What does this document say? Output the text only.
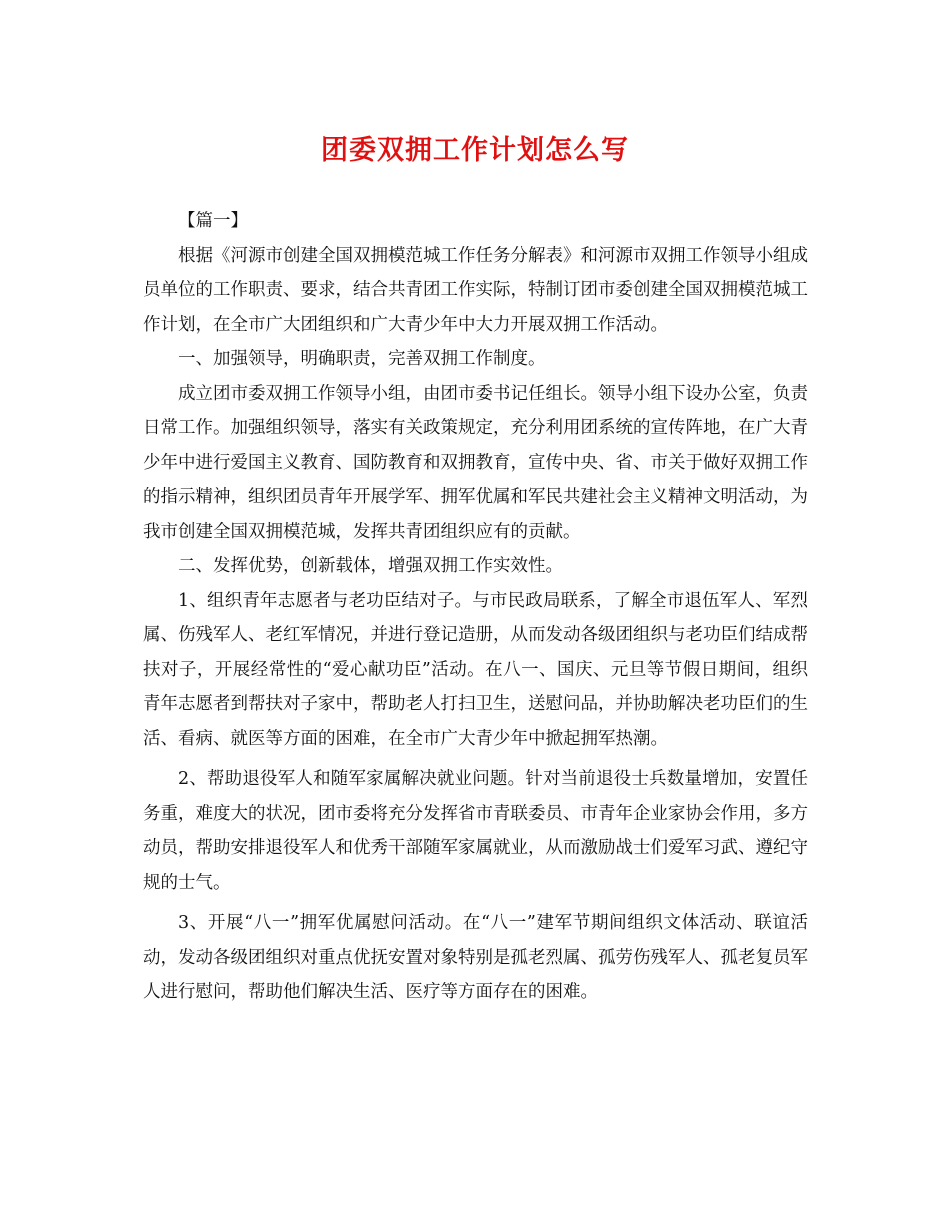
团委双拥工作计划怎么写

【篇一】

根据《河源市创建全国双拥模范城工作任务分解表》和河源市双拥工作领导小组成员单位的工作职责、要求，结合共青团工作实际，特制订团市委创建全国双拥模范城工作计划，在全市广大团组织和广大青少年中大力开展双拥工作活动。

一、加强领导，明确职责，完善双拥工作制度。

成立团市委双拥工作领导小组，由团市委书记任组长。领导小组下设办公室，负责日常工作。加强组织领导，落实有关政策规定，充分利用团系统的宣传阵地，在广大青少年中进行爱国主义教育、国防教育和双拥教育，宣传中央、省、市关于做好双拥工作的指示精神，组织团员青年开展学军、拥军优属和军民共建社会主义精神文明活动，为我市创建全国双拥模范城，发挥共青团组织应有的贡献。

二、发挥优势，创新载体，增强双拥工作实效性。

1、组织青年志愿者与老功臣结对子。与市民政局联系，了解全市退伍军人、军烈属、伤残军人、老红军情况，并进行登记造册，从而发动各级团组织与老功臣们结成帮扶对子，开展经常性的“爱心献功臣”活动。在八一、国庆、元旦等节假日期间，组织青年志愿者到帮扶对子家中，帮助老人打扫卫生，送慰问品，并协助解决老功臣们的生活、看病、就医等方面的困难，在全市广大青少年中掀起拥军热潮。

2、帮助退役军人和随军家属解决就业问题。针对当前退役士兵数量增加，安置任务重，难度大的状况，团市委将充分发挥省市青联委员、市青年企业家协会作用，多方动员，帮助安排退役军人和优秀干部随军家属就业，从而激励战士们爱军习武、遵纪守规的士气。

3、开展“八一”拥军优属慰问活动。在“八一”建军节期间组织文体活动、联谊活动，发动各级团组织对重点优抚安置对象特别是孤老烈属、孤劳伤残军人、孤老复员军人进行慰问，帮助他们解决生活、医疗等方面存在的困难。
